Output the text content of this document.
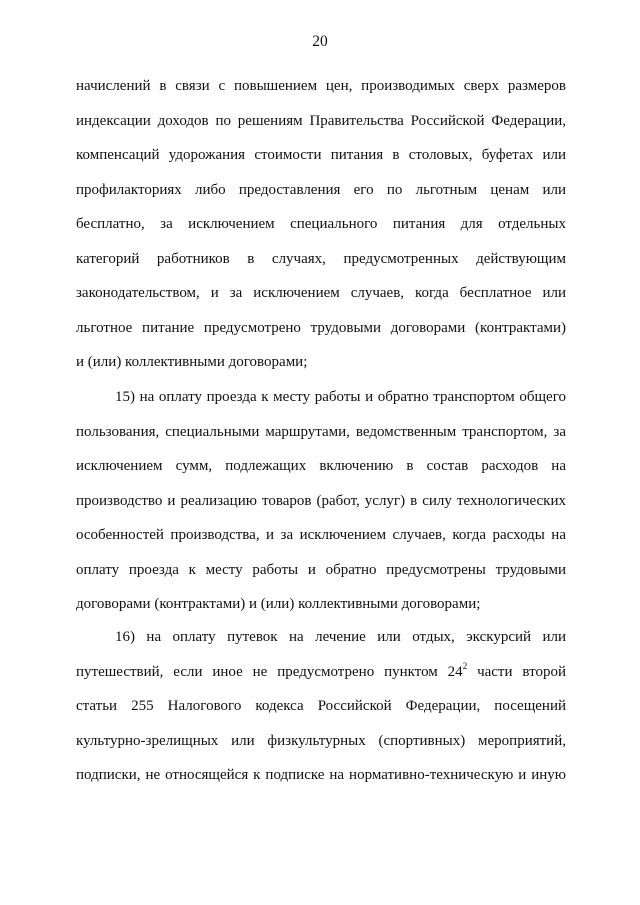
20
начислений в связи с повышением цен, производимых сверх размеров
индексации доходов по решениям Правительства Российской Федерации,
компенсаций удорожания стоимости питания в столовых, буфетах или
профилакториях либо предоставления его по льготным ценам или
бесплатно, за исключением специального питания для отдельных
категорий работников в случаях, предусмотренных действующим
законодательством, и за исключением случаев, когда бесплатное или
льготное питание предусмотрено трудовыми договорами (контрактами)
и (или) коллективными договорами;
15) на оплату проезда к месту работы и обратно транспортом общего
пользования, специальными маршрутами, ведомственным транспортом, за
исключением сумм, подлежащих включению в состав расходов на
производство и реализацию товаров (работ, услуг) в силу технологических
особенностей производства, и за исключением случаев, когда расходы на
оплату проезда к месту работы и обратно предусмотрены трудовыми
договорами (контрактами) и (или) коллективными договорами;
16) на оплату путевок на лечение или отдых, экскурсий или
путешествий, если иное не предусмотрено пунктом $24^2$ части второй
статьи 255 Налогового кодекса Российской Федерации, посещений
культурно-зрелищных или физкультурных (спортивных) мероприятий,
подписки, не относящейся к подписке на нормативно-техническую и иную
